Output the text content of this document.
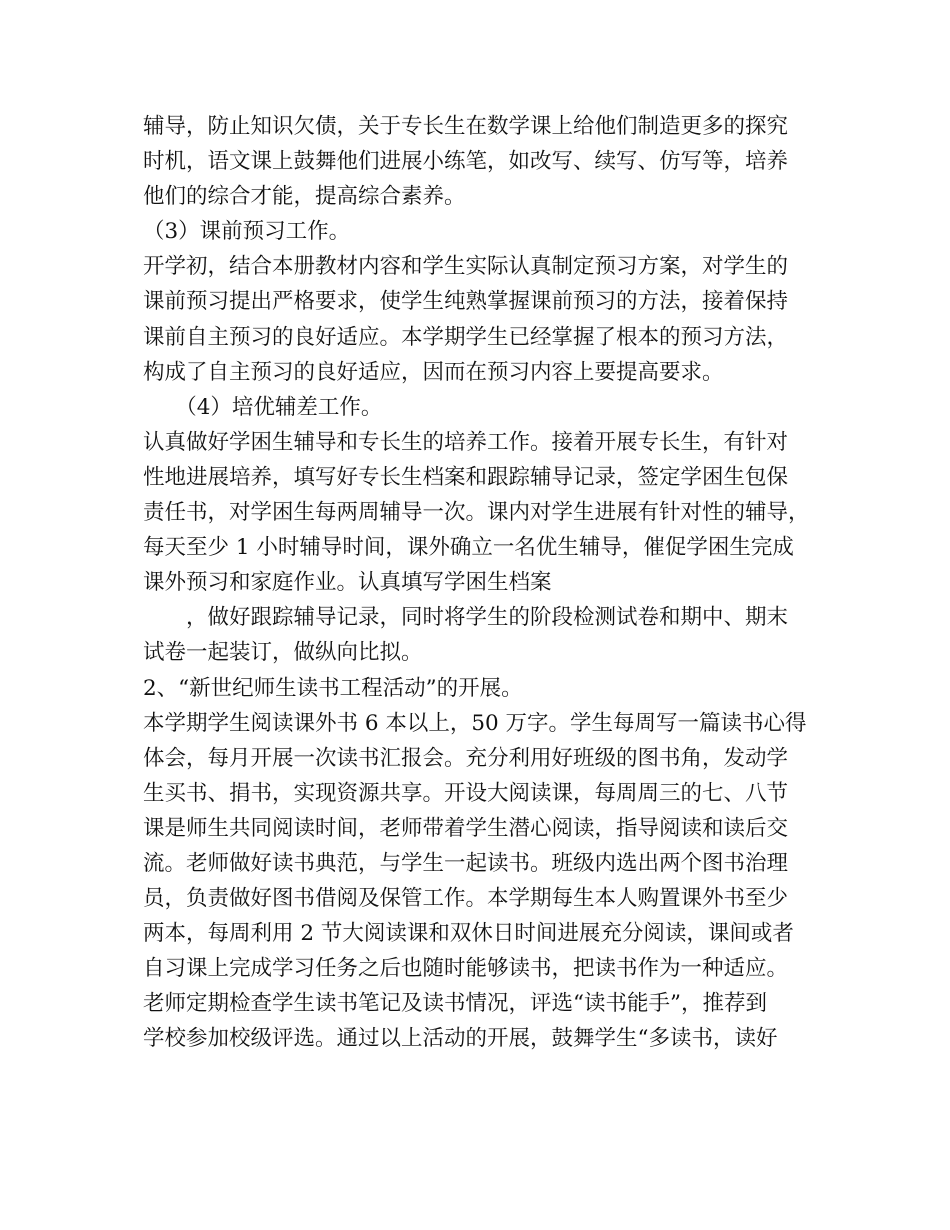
辅导，防止知识欠债，关于专长生在数学课上给他们制造更多的探究
时机，语文课上鼓舞他们进展小练笔，如改写、续写、仿写等，培养
他们的综合才能，提高综合素养。
（3）课前预习工作。
开学初，结合本册教材内容和学生实际认真制定预习方案，对学生的
课前预习提出严格要求，使学生纯熟掌握课前预习的方法，接着保持
课前自主预习的良好适应。本学期学生已经掌握了根本的预习方法，
构成了自主预习的良好适应，因而在预习内容上要提高要求。
　　（4）培优辅差工作。
认真做好学困生辅导和专长生的培养工作。接着开展专长生，有针对
性地进展培养，填写好专长生档案和跟踪辅导记录，签定学困生包保
责任书，对学困生每两周辅导一次。课内对学生进展有针对性的辅导，
每天至少 1 小时辅导时间，课外确立一名优生辅导，催促学困生完成
课外预习和家庭作业。认真填写学困生档案
　　，做好跟踪辅导记录，同时将学生的阶段检测试卷和期中、期末
试卷一起装订，做纵向比拟。
2、“新世纪师生读书工程活动”的开展。
本学期学生阅读课外书 6 本以上，50 万字。学生每周写一篇读书心得
体会，每月开展一次读书汇报会。充分利用好班级的图书角，发动学
生买书、捐书，实现资源共享。开设大阅读课，每周周三的七、八节
课是师生共同阅读时间，老师带着学生潜心阅读，指导阅读和读后交
流。老师做好读书典范，与学生一起读书。班级内选出两个图书治理
员，负责做好图书借阅及保管工作。本学期每生本人购置课外书至少
两本，每周利用 2 节大阅读课和双休日时间进展充分阅读，课间或者
自习课上完成学习任务之后也随时能够读书，把读书作为一种适应。
老师定期检查学生读书笔记及读书情况，评选“读书能手”，推荐到
学校参加校级评选。通过以上活动的开展，鼓舞学生“多读书，读好
